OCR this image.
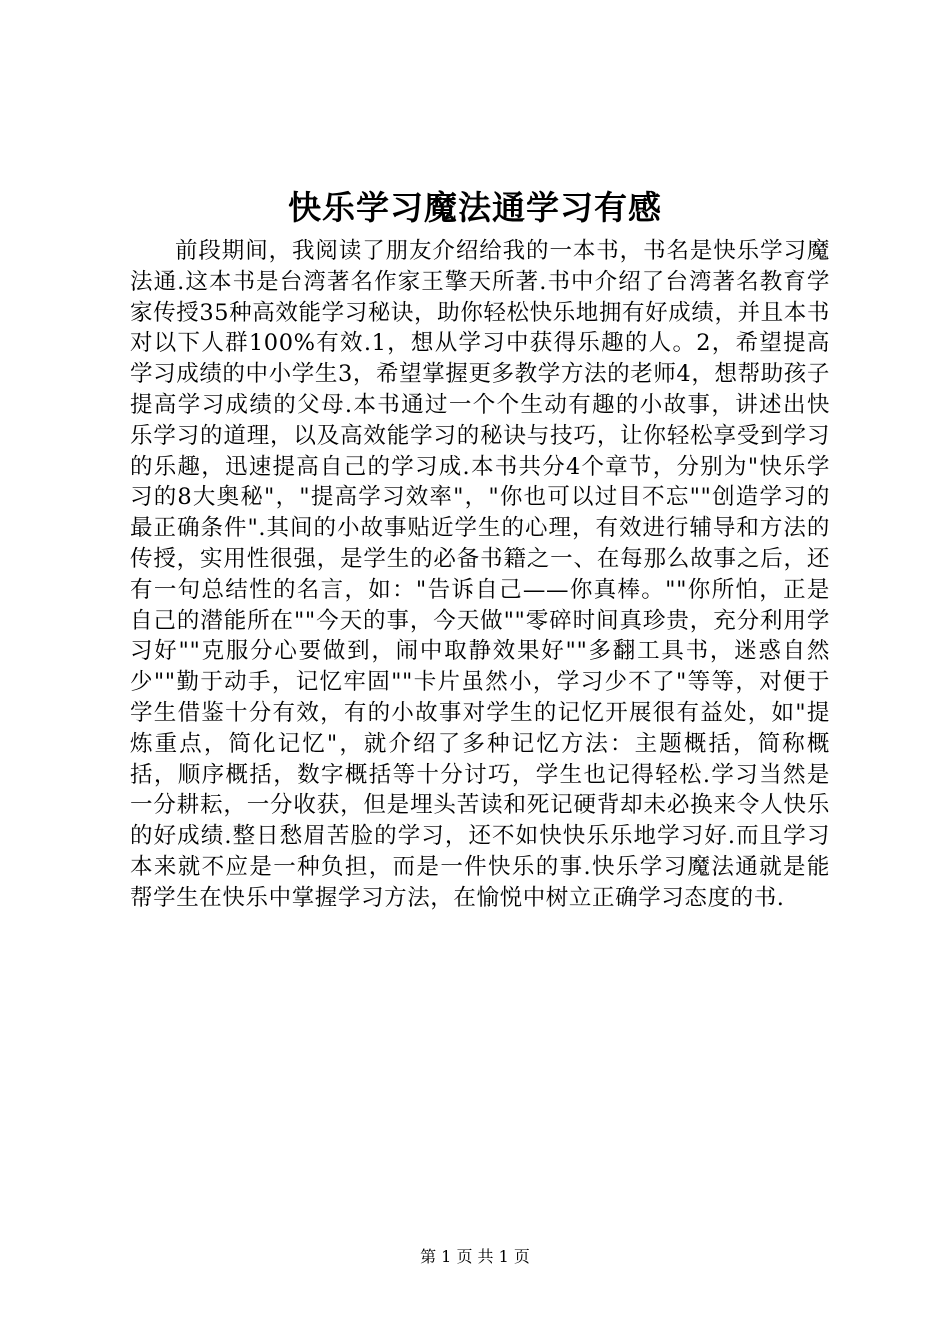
快乐学习魔法通学习有感

前段期间，我阅读了朋友介绍给我的一本书，书名是快乐学习魔法通.这本书是台湾著名作家王擎天所著.书中介绍了台湾著名教育学家传授35种高效能学习秘诀，助你轻松快乐地拥有好成绩，并且本书对以下人群100%有效.1，想从学习中获得乐趣的人。2，希望提高学习成绩的中小学生3，希望掌握更多教学方法的老师4，想帮助孩子提高学习成绩的父母.本书通过一个个生动有趣的小故事，讲述出快乐学习的道理，以及高效能学习的秘诀与技巧，让你轻松享受到学习的乐趣，迅速提高自己的学习成.本书共分4个章节，分别为"快乐学习的8大奥秘"，"提高学习效率"，"你也可以过目不忘""创造学习的最正确条件".其间的小故事贴近学生的心理，有效进行辅导和方法的传授，实用性很强，是学生的必备书籍之一、在每那么故事之后，还有一句总结性的名言，如："告诉自己——你真棒。""你所怕，正是自己的潜能所在""今天的事，今天做""零碎时间真珍贵，充分利用学习好""克服分心要做到，闹中取静效果好""多翻工具书，迷惑自然少""勤于动手，记忆牢固""卡片虽然小，学习少不了"等等，对便于学生借鉴十分有效，有的小故事对学生的记忆开展很有益处，如"提炼重点，简化记忆"，就介绍了多种记忆方法：主题概括，简称概括，顺序概括，数字概括等十分讨巧，学生也记得轻松.学习当然是一分耕耘，一分收获，但是埋头苦读和死记硬背却未必换来令人快乐的好成绩.整日愁眉苦脸的学习，还不如快快乐乐地学习好.而且学习本来就不应是一种负担，而是一件快乐的事.快乐学习魔法通就是能帮学生在快乐中掌握学习方法，在愉悦中树立正确学习态度的书.

第 1 页 共 1 页
